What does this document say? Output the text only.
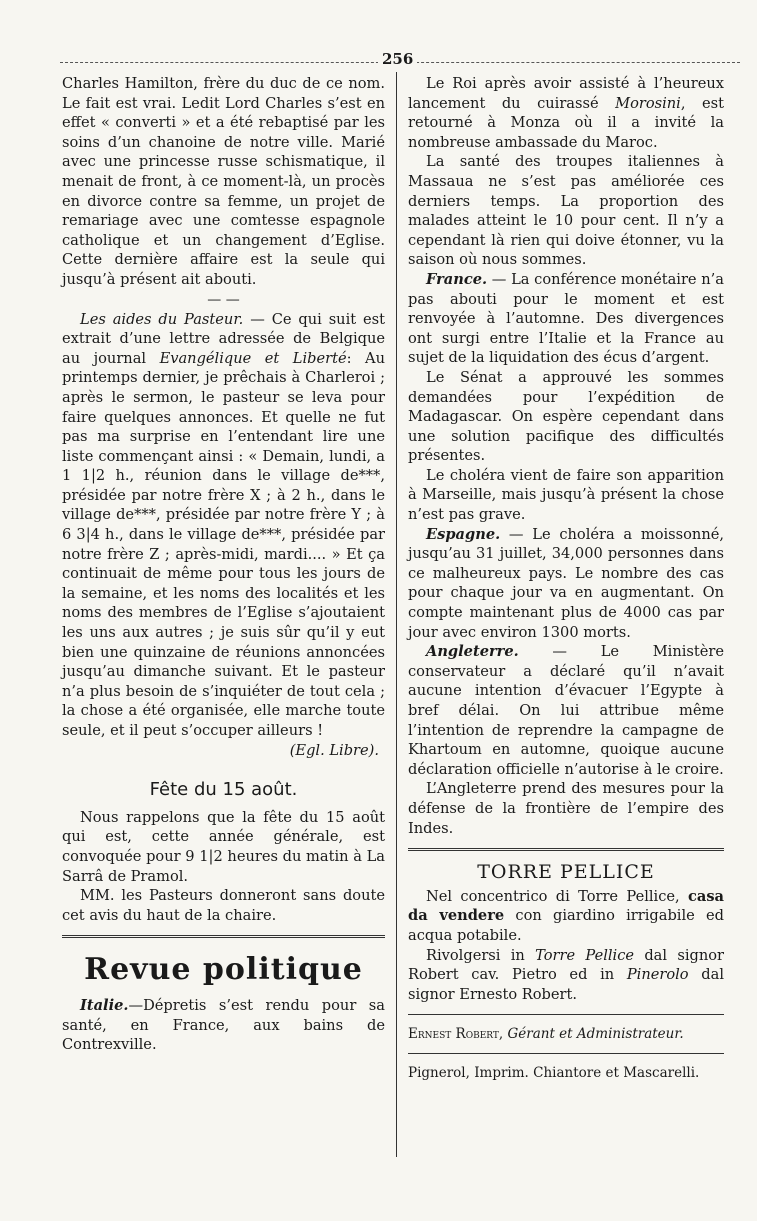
256

Charles Hamilton, frère du duc de ce nom. Le fait est vrai. Ledit Lord Charles s’est en effet « converti » et a été rebaptisé par les soins d’un chanoine de notre ville. Marié avec une princesse russe schismatique, il menait de front, à ce moment-là, un procès en divorce contre sa femme, un projet de remariage avec une comtesse espagnole catholique et un changement d’Eglise. Cette dernière affaire est la seule qui jusqu’à présent ait abouti.

— —

Les aides du Pasteur. — Ce qui suit est extrait d’une lettre adressée de Belgique au journal Evangélique et Liberté: Au printemps dernier, je prêchais à Charleroi ; après le sermon, le pasteur se leva pour faire quelques annonces. Et quelle ne fut pas ma surprise en l’entendant lire une liste commençant ainsi : « Demain, lundi, a 1 1|2 h., réunion dans le village de***, présidée par notre frère X ; à 2 h., dans le village de***, présidée par notre frère Y ; à 6 3|4 h., dans le village de***, présidée par notre frère Z ; après-midi, mardi.... » Et ça continuait de même pour tous les jours de la semaine, et les noms des localités et les noms des membres de l’Eglise s’ajoutaient les uns aux autres ; je suis sûr qu’il y eut bien une quinzaine de réunions annoncées jusqu’au dimanche suivant. Et le pasteur n’a plus besoin de s’inquiéter de tout cela ; la chose a été organisée, elle marche toute seule, et il peut s’occuper ailleurs !

(Egl. Libre).
Fête du 15 août.

Nous rappelons que la fête du 15 août qui est, cette année générale, est convoquée pour 9 1|2 heures du matin à La Sarrâ de Pramol.

MM. les Pasteurs donneront sans doute cet avis du haut de la chaire.

Revue politique

Italie.—Dépretis s’est rendu pour sa santé, en France, aux bains de Contrexville.

Le Roi après avoir assisté à l’heureux lancement du cuirassé Morosini, est retourné à Monza où il a invité la nombreuse ambassade du Maroc.

La santé des troupes italiennes à Massaua ne s’est pas améliorée ces derniers temps. La proportion des malades atteint le 10 pour cent. Il n’y a cependant là rien qui doive étonner, vu la saison où nous sommes.

France. — La conférence monétaire n’a pas abouti pour le moment et est renvoyée à l’automne. Des divergences ont surgi entre l’Italie et la France au sujet de la liquidation des écus d’argent.

Le Sénat a approuvé les sommes demandées pour l’expédition de Madagascar. On espère cependant dans une solution pacifique des difficultés présentes.

Le choléra vient de faire son apparition à Marseille, mais jusqu’à présent la chose n’est pas grave.

Espagne. — Le choléra a moissonné, jusqu’au 31 juillet, 34,000 personnes dans ce malheureux pays. Le nombre des cas pour chaque jour va en augmentant. On compte maintenant plus de 4000 cas par jour avec environ 1300 morts.

Angleterre. — Le Ministère conservateur a déclaré qu’il n’avait aucune intention d’évacuer l’Egypte à bref délai. On lui attribue même l’intention de reprendre la campagne de Khartoum en automne, quoique aucune déclaration officielle n’autorise à le croire.

L’Angleterre prend des mesures pour la défense de la frontière de l’empire des Indes.

TORRE PELLICE

Nel concentrico di Torre Pellice, casa da vendere con giardino irrigabile ed acqua potabile.

Rivolgersi in Torre Pellice dal signor Robert cav. Pietro ed in Pinerolo dal signor Ernesto Robert.

Ernest Robert, Gérant et Administrateur.
Pignerol, Imprim. Chiantore et Mascarelli.
